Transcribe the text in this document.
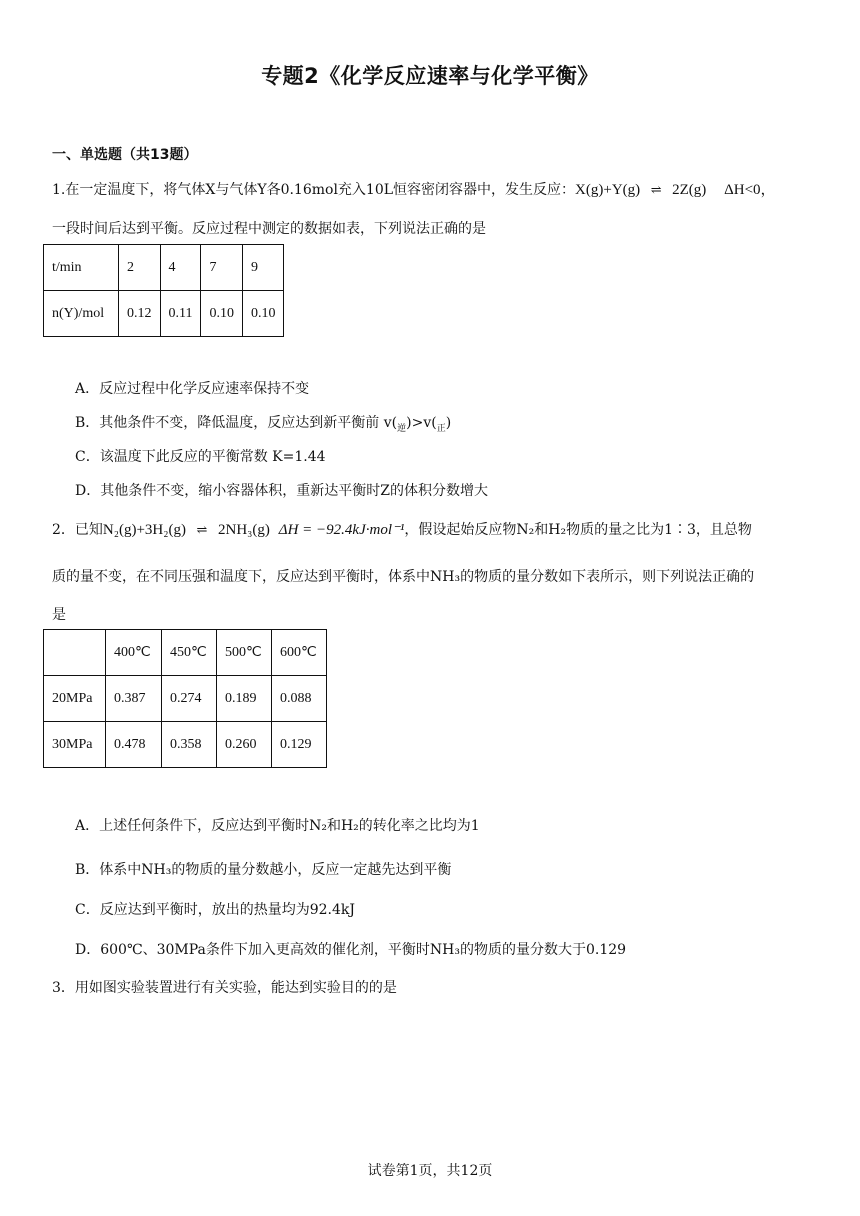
专题2《化学反应速率与化学平衡》
一、单选题（共13题）
1.在一定温度下，将气体X与气体Y各0.16mol充入10L恒容密闭容器中，发生反应：X(g)+Y(g) ⇌ 2Z(g) ΔH<0，
一段时间后达到平衡。反应过程中测定的数据如表，下列说法正确的是
t/min	2	4	7	9
n(Y)/mol	0.12	0.11	0.10	0.10
A．反应过程中化学反应速率保持不变
B．其他条件不变，降低温度，反应达到新平衡前 $v(_逆)>v(_正)$
C．该温度下此反应的平衡常数 K=1.44
D．其他条件不变，缩小容器体积，重新达平衡时Z的体积分数增大
2．已知N₂(g)+3H₂(g) ⇌ 2NH₃(g) ΔH = −92.4kJ·mol⁻¹，假设起始反应物N₂和H₂物质的量之比为1∶3，且总物
质的量不变，在不同压强和温度下，反应达到平衡时，体系中NH₃的物质的量分数如下表所示，则下列说法正确的
是
	400℃	450℃	500℃	600℃
20MPa	0.387	0.274	0.189	0.088
30MPa	0.478	0.358	0.260	0.129
A．上述任何条件下，反应达到平衡时N₂和H₂的转化率之比均为1
B．体系中NH₃的物质的量分数越小，反应一定越先达到平衡
C．反应达到平衡时，放出的热量均为92.4kJ
D．600℃、30MPa条件下加入更高效的催化剂，平衡时NH₃的物质的量分数大于0.129
3．用如图实验装置进行有关实验，能达到实验目的的是
试卷第1页，共12页
